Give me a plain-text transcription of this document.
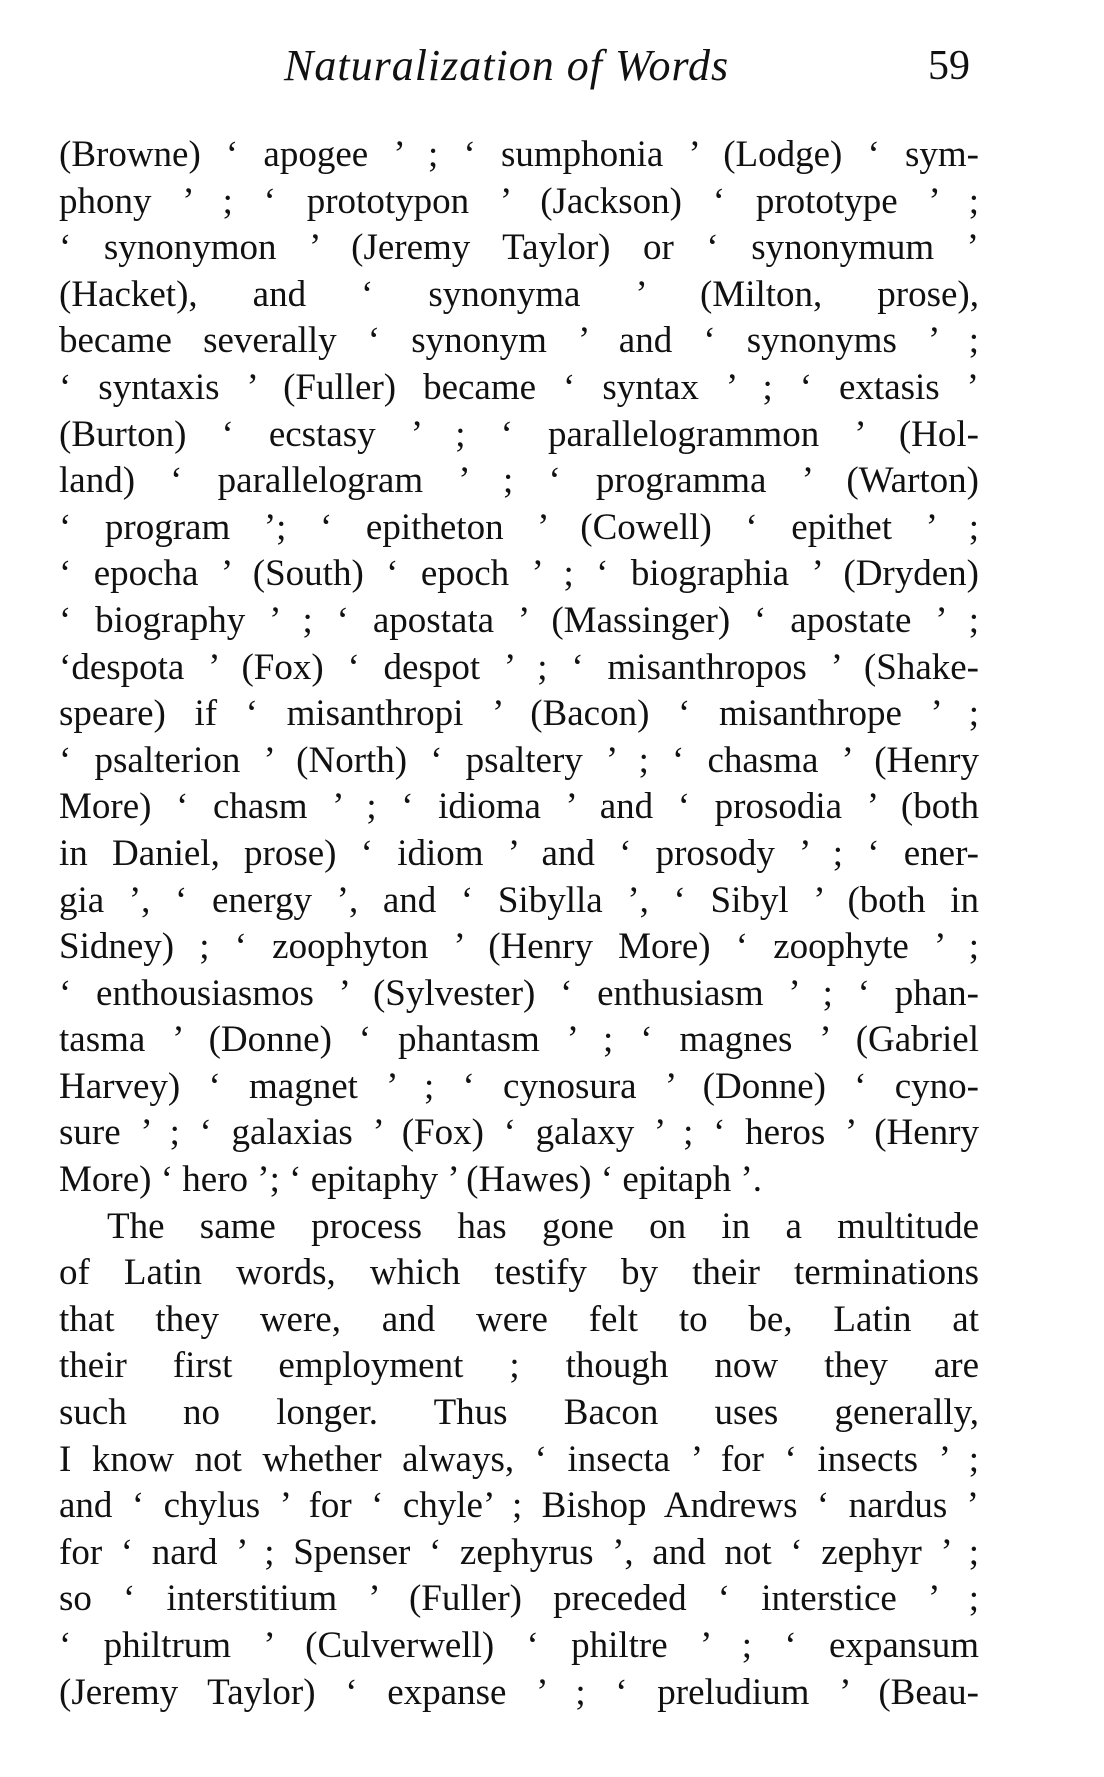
Naturalization of Words	59
(Browne) ‘ apogee ’ ; ‘ sumphonia ’ (Lodge) ‘ sym-
phony ’ ; ‘ prototypon ’ (Jackson) ‘ prototype ’ ;
‘ synonymon ’ (Jeremy Taylor) or ‘ synonymum ’
(Hacket), and ‘ synonyma ’ (Milton, prose),
became severally ‘ synonym ’ and ‘ synonyms ’ ;
‘ syntaxis ’ (Fuller) became ‘ syntax ’ ; ‘ extasis ’
(Burton) ‘ ecstasy ’ ; ‘ parallelogrammon ’ (Hol-
land) ‘ parallelogram ’ ; ‘ programma ’ (Warton)
‘ program ’; ‘ epitheton ’ (Cowell) ‘ epithet ’ ;
‘ epocha ’ (South) ‘ epoch ’ ; ‘ biographia ’ (Dryden)
‘ biography ’ ; ‘ apostata ’ (Massinger) ‘ apostate ’ ;
‘despota ’ (Fox) ‘ despot ’ ; ‘ misanthropos ’ (Shake-
speare) if ‘ misanthropi ’ (Bacon) ‘ misanthrope ’ ;
‘ psalterion ’ (North) ‘ psaltery ’ ; ‘ chasma ’ (Henry
More) ‘ chasm ’ ; ‘ idioma ’ and ‘ prosodia ’ (both
in Daniel, prose) ‘ idiom ’ and ‘ prosody ’ ; ‘ ener-
gia ’, ‘ energy ’, and ‘ Sibylla ’, ‘ Sibyl ’ (both in
Sidney) ; ‘ zoophyton ’ (Henry More) ‘ zoophyte ’ ;
‘ enthousiasmos ’ (Sylvester) ‘ enthusiasm ’ ; ‘ phan-
tasma ’ (Donne) ‘ phantasm ’ ; ‘ magnes ’ (Gabriel
Harvey) ‘ magnet ’ ; ‘ cynosura ’ (Donne) ‘ cyno-
sure ’ ; ‘ galaxias ’ (Fox) ‘ galaxy ’ ; ‘ heros ’ (Henry
More) ‘ hero ’; ‘ epitaphy ’ (Hawes) ‘ epitaph ’.
The same process has gone on in a multitude
of Latin words, which testify by their terminations
that they were, and were felt to be, Latin at
their first employment ; though now they are
such no longer. Thus Bacon uses generally,
I know not whether always, ‘ insecta ’ for ‘ insects ’ ;
and ‘ chylus ’ for ‘ chyle’ ; Bishop Andrews ‘ nardus ’
for ‘ nard ’ ; Spenser ‘ zephyrus ’, and not ‘ zephyr ’ ;
so ‘ interstitium ’ (Fuller) preceded ‘ interstice ’ ;
‘ philtrum ’ (Culverwell) ‘ philtre ’ ; ‘ expansum
(Jeremy Taylor) ‘ expanse ’ ; ‘ preludium ’ (Beau-
